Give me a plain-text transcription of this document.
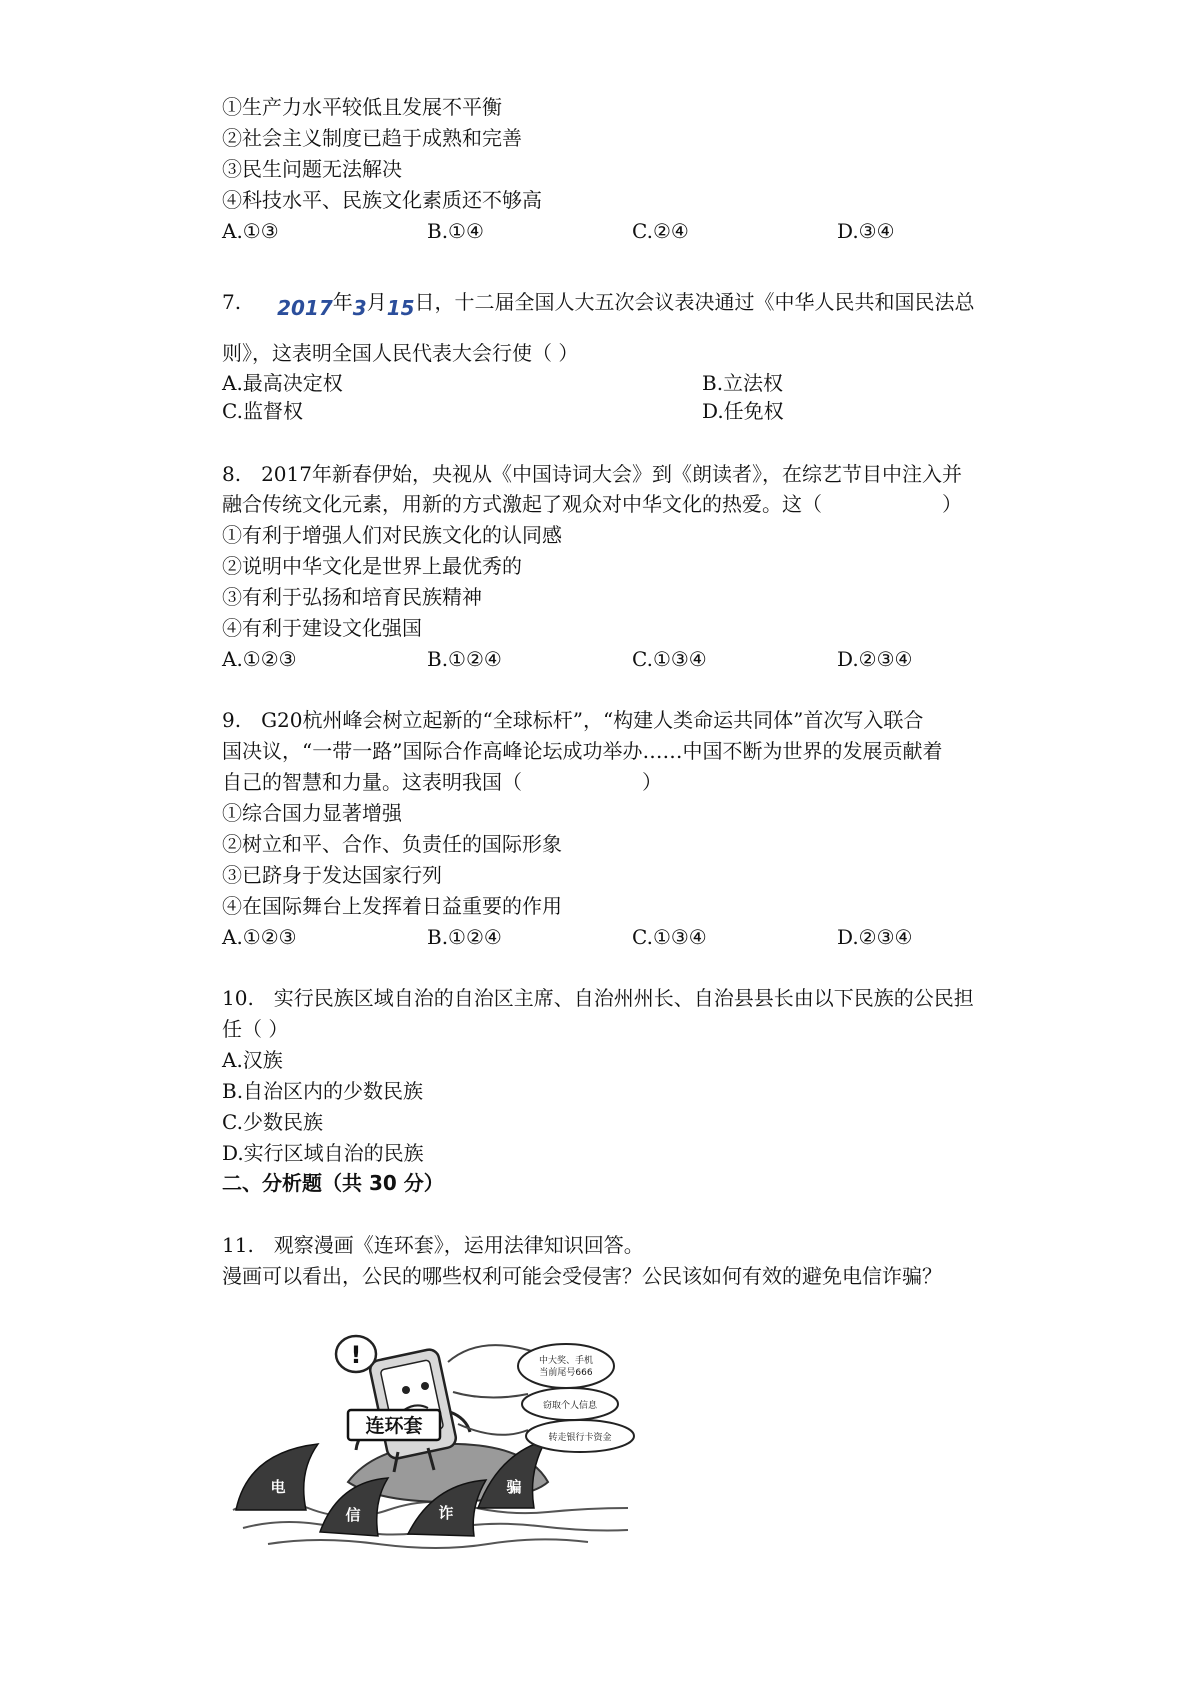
①生产力水平较低且发展不平衡
②社会主义制度已趋于成熟和完善
③民生问题无法解决
④科技水平、民族文化素质还不够高
A.①③	B.①④	C.②④	D.③④
7. 2017年3月15日，十二届全国人大五次会议表决通过《中华人民共和国民法总
则》，这表明全国人民代表大会行使（ ）
A.最高决定权	B.立法权
C.监督权	D.任免权
8.　2017年新春伊始，央视从《中国诗词大会》到《朗读者》，在综艺节目中注入并
融合传统文化元素，用新的方式激起了观众对中华文化的热爱。这（　　　　　　）
①有利于增强人们对民族文化的认同感
②说明中华文化是世界上最优秀的
③有利于弘扬和培育民族精神
④有利于建设文化强国
A.①②③	B.①②④	C.①③④	D.②③④
9.　G20杭州峰会树立起新的“全球标杆”，“构建人类命运共同体”首次写入联合
国决议，“一带一路”国际合作高峰论坛成功举办……中国不断为世界的发展贡献着
自己的智慧和力量。这表明我国（　　　　　　）
①综合国力显著增强
②树立和平、合作、负责任的国际形象
③已跻身于发达国家行列
④在国际舞台上发挥着日益重要的作用
A.①②③	B.①②④	C.①③④	D.②③④
10.　实行民族区域自治的自治区主席、自治州州长、自治县县长由以下民族的公民担
任（ ）
A.汉族
B.自治区内的少数民族
C.少数民族
D.实行区域自治的民族
二、分析题（共 30 分）
11.　观察漫画《连环套》，运用法律知识回答。
漫画可以看出，公民的哪些权利可能会受侵害？公民该如何有效的避免电信诈骗？
电
信	诈
骗
!
连环套
中大奖、手机
当前尾号666
窃取个人信息
转走银行卡资金
